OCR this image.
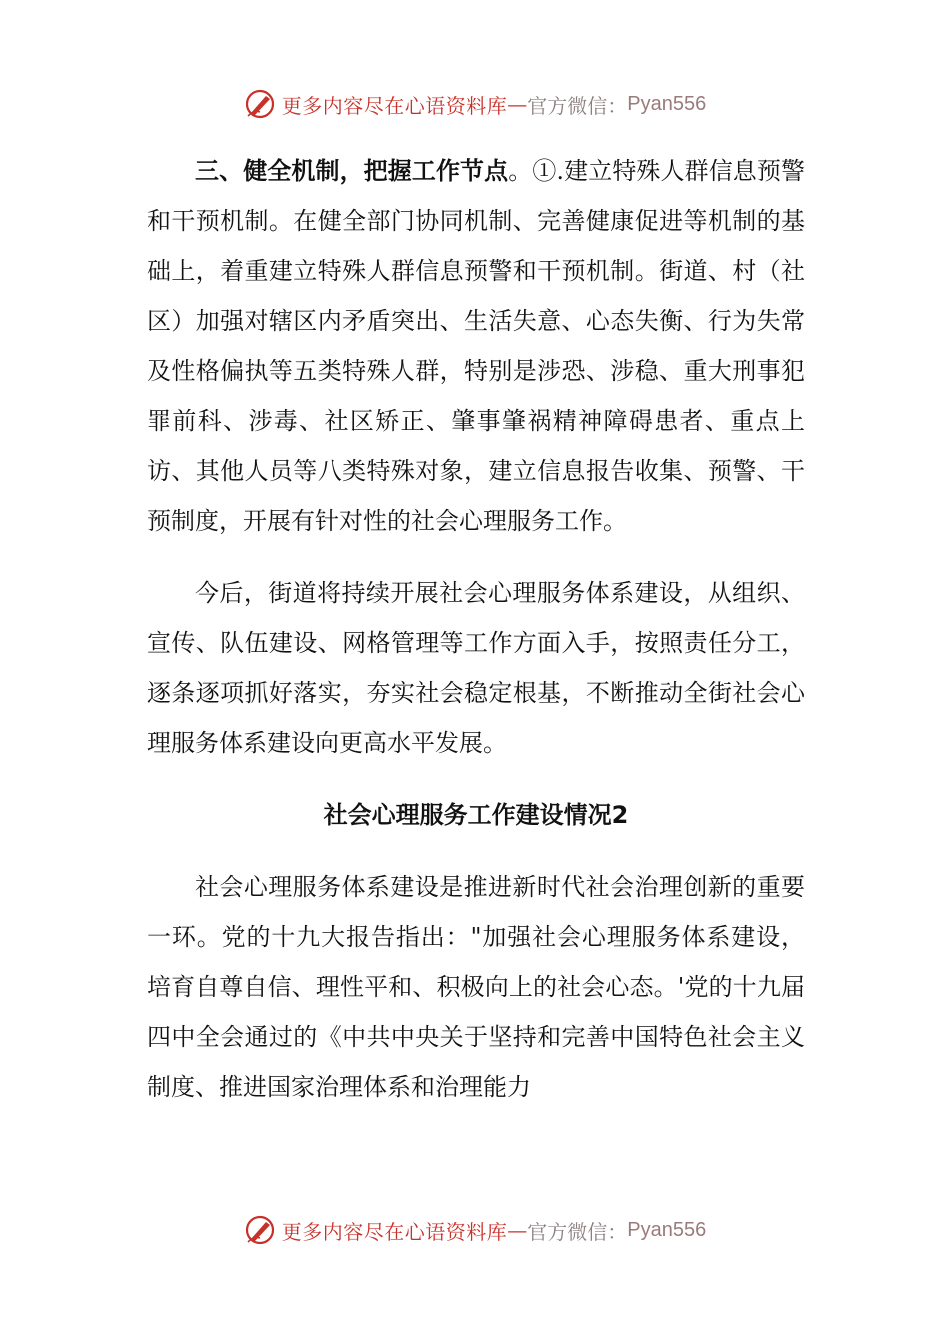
更多内容尽在心语资料库 — 官方微信： Pyan556

三、健全机制，把握工作节点。①.建立特殊人群信息预警和干预机制。在健全部门协同机制、完善健康促进等机制的基础上，着重建立特殊人群信息预警和干预机制。街道、村（社区）加强对辖区内矛盾突出、生活失意、心态失衡、行为失常及性格偏执等五类特殊人群，特别是涉恐、涉稳、重大刑事犯罪前科、涉毒、社区矫正、肇事肇祸精神障碍患者、重点上访、其他人员等八类特殊对象，建立信息报告收集、预警、干预制度，开展有针对性的社会心理服务工作。

今后，街道将持续开展社会心理服务体系建设，从组织、宣传、队伍建设、网格管理等工作方面入手，按照责任分工，逐条逐项抓好落实，夯实社会稳定根基，不断推动全街社会心理服务体系建设向更高水平发展。

社会心理服务工作建设情况2

社会心理服务体系建设是推进新时代社会治理创新的重要一环。党的十九大报告指出："加强社会心理服务体系建设，培育自尊自信、理性平和、积极向上的社会心态。'党的十九届四中全会通过的《中共中央关于坚持和完善中国特色社会主义制度、推进国家治理体系和治理能力

更多内容尽在心语资料库 — 官方微信： Pyan556
